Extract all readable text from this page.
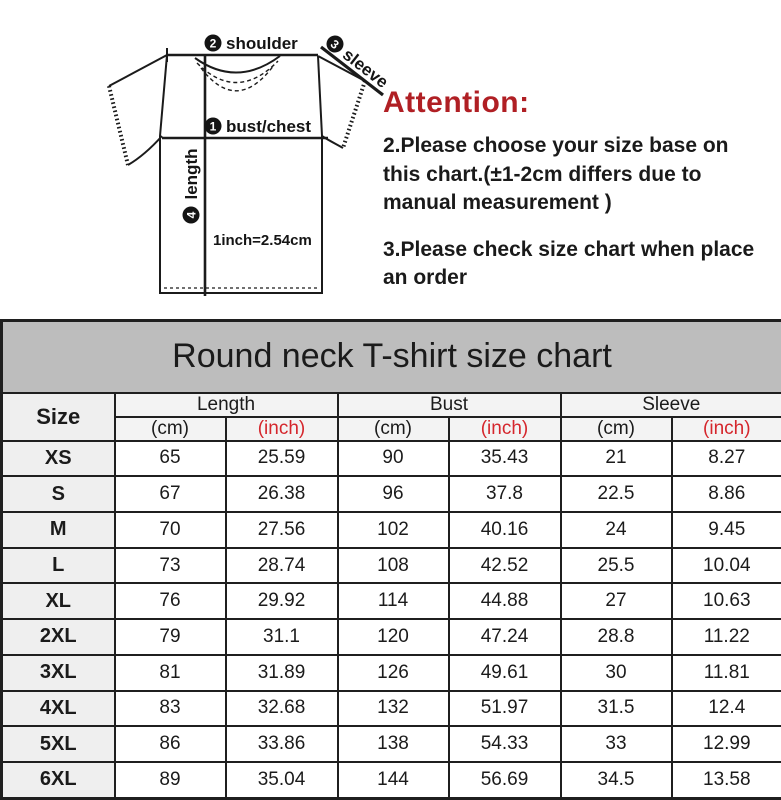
2 shoulder 3
sleeve
1 bust/chest
4
length
1inch=2.54cm
Attention:

2.Please choose your size base on this chart.(±1-2cm differs due to manual measurement )

3.Please check size chart when place an order

Round neck T-shirt size chart						
Size	Length		Bust		Sleeve	
	(cm)	(inch)	(cm)	(inch)	(cm)	(inch)
XS	65	25.59	90	35.43	21	8.27
S	67	26.38	96	37.8	22.5	8.86
M	70	27.56	102	40.16	24	9.45
L	73	28.74	108	42.52	25.5	10.04
XL	76	29.92	114	44.88	27	10.63
2XL	79	31.1	120	47.24	28.8	11.22
3XL	81	31.89	126	49.61	30	11.81
4XL	83	32.68	132	51.97	31.5	12.4
5XL	86	33.86	138	54.33	33	12.99
6XL	89	35.04	144	56.69	34.5	13.58
